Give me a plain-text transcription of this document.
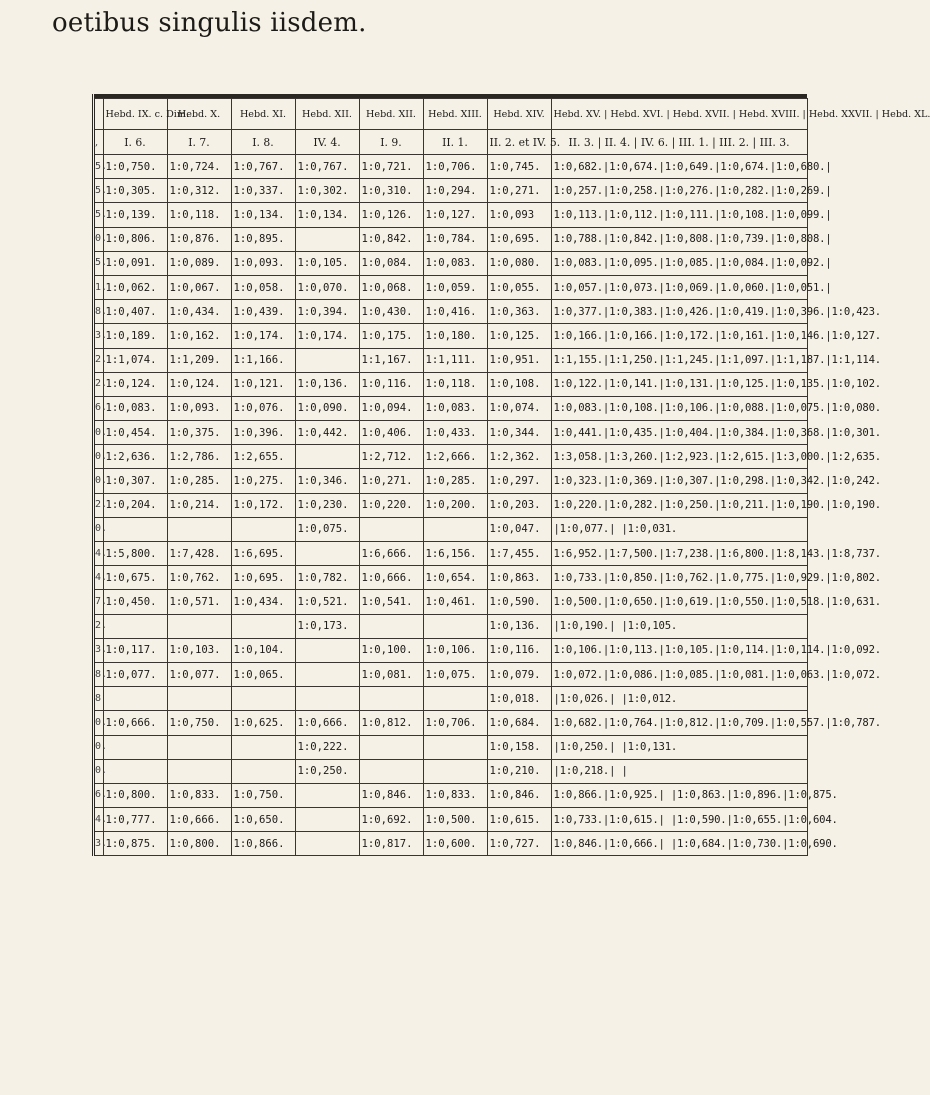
oetibus singulis iisdem.
	Hebd. IX. c. Dim.	Hebd. X.	Hebd. XI.	Hebd. XII.	Hebd. XII.	Hebd. XIII.	Hebd. XIV.	Hebd. XV. | Hebd. XVI. | Hebd. XVII. | Hebd. XVIII. | Hebd. XXVII. | Hebd. XL.
,	I. 6.	I. 7.	I. 8.	IV. 4.	I. 9.	II. 1.	II. 2. et IV. 5.	II. 3. | II. 4. | IV. 6. | III. 1. | III. 2. | III. 3.
5.	1:0,750.	1:0,724.	1:0,767.	1:0,767.	1:0,721.	1:0,706.	1:0,745.	1:0,682.|1:0,674.|1:0,649.|1:0,674.|1:0,680.|
5.	1:0,305.	1:0,312.	1:0,337.	1:0,302.	1:0,310.	1:0,294.	1:0,271.	1:0,257.|1:0,258.|1:0,276.|1:0,282.|1:0,269.|
5.	1:0,139.	1:0,118.	1:0,134.	1:0,134.	1:0,126.	1:0,127.	1:0,093	1:0,113.|1:0,112.|1:0,111.|1:0,108.|1:0,099.|
0.	1:0,806.	1:0,876.	1:0,895.		1:0,842.	1:0,784.	1:0,695.	1:0,788.|1:0,842.|1:0,808.|1:0,739.|1:0,808.|
5.	1:0,091.	1:0,089.	1:0,093.	1:0,105.	1:0,084.	1:0,083.	1:0,080.	1:0,083.|1:0,095.|1:0,085.|1:0,084.|1:0,092.|
1.	1:0,062.	1:0,067.	1:0,058.	1:0,070.	1:0,068.	1:0,059.	1:0,055.	1:0,057.|1:0,073.|1:0,069.|1.0,060.|1:0,051.|
8.	1:0,407.	1:0,434.	1:0,439.	1:0,394.	1:0,430.	1:0,416.	1:0,363.	1:0,377.|1:0,383.|1:0,426.|1:0,419.|1:0,396.|1:0,423.
3.	1:0,189.	1:0,162.	1:0,174.	1:0,174.	1:0,175.	1:0,180.	1:0,125.	1:0,166.|1:0,166.|1:0,172.|1:0,161.|1:0,146.|1:0,127.
2.	1:1,074.	1:1,209.	1:1,166.		1:1,167.	1:1,111.	1:0,951.	1:1,155.|1:1,250.|1:1,245.|1:1,097.|1:1,187.|1:1,114.
2.	1:0,124.	1:0,124.	1:0,121.	1:0,136.	1:0,116.	1:0,118.	1:0,108.	1:0,122.|1:0,141.|1:0,131.|1:0,125.|1:0,135.|1:0,102.
6.	1:0,083.	1:0,093.	1:0,076.	1:0,090.	1:0,094.	1:0,083.	1:0,074.	1:0,083.|1:0,108.|1:0,106.|1:0,088.|1:0,075.|1:0,080.
0.	1:0,454.	1:0,375.	1:0,396.	1:0,442.	1:0,406.	1:0,433.	1:0,344.	1:0,441.|1:0,435.|1:0,404.|1:0,384.|1:0,368.|1:0,301.
0.	1:2,636.	1:2,786.	1:2,655.		1:2,712.	1:2,666.	1:2,362.	1:3,058.|1:3,260.|1:2,923.|1:2,615.|1:3,000.|1:2,635.
0.	1:0,307.	1:0,285.	1:0,275.	1:0,346.	1:0,271.	1:0,285.	1:0,297.	1:0,323.|1:0,369.|1:0,307.|1:0,298.|1:0,342.|1:0,242.
2.	1:0,204.	1:0,214.	1:0,172.	1:0,230.	1:0,220.	1:0,200.	1:0,203.	1:0,220.|1:0,282.|1:0,250.|1:0,211.|1:0,190.|1:0,190.
0.				1:0,075.			1:0,047.	|1:0,077.| |1:0,031.
4.	1:5,800.	1:7,428.	1:6,695.		1:6,666.	1:6,156.	1:7,455.	1:6,952.|1:7,500.|1:7,238.|1:6,800.|1:8,143.|1:8,737.
4.	1:0,675.	1:0,762.	1:0,695.	1:0,782.	1:0,666.	1:0,654.	1:0,863.	1:0,733.|1:0,850.|1:0,762.|1.0,775.|1:0,929.|1:0,802.
7.	1:0,450.	1:0,571.	1:0,434.	1:0,521.	1:0,541.	1:0,461.	1:0,590.	1:0,500.|1:0,650.|1:0,619.|1:0,550.|1:0,518.|1:0,631.
2.				1:0,173.			1:0,136.	|1:0,190.| |1:0,105.
3.	1:0,117.	1:0,103.	1:0,104.		1:0,100.	1:0,106.	1:0,116.	1:0,106.|1:0,113.|1:0,105.|1:0,114.|1:0,114.|1:0,092.
8.	1:0,077.	1:0,077.	1:0,065.		1:0,081.	1:0,075.	1:0,079.	1:0,072.|1:0,086.|1:0,085.|1:0,081.|1:0,063.|1:0,072.
8							1:0,018.	|1:0,026.| |1:0,012.
0.	1:0,666.	1:0,750.	1:0,625.	1:0,666.	1:0,812.	1:0,706.	1:0,684.	1:0,682.|1:0,764.|1:0,812.|1:0,709.|1:0,557.|1:0,787.
0.				1:0,222.			1:0,158.	|1:0,250.| |1:0,131.
0.				1:0,250.			1:0,210.	|1:0,218.| |
6.	1:0,800.	1:0,833.	1:0,750.		1:0,846.	1:0,833.	1:0,846.	1:0,866.|1:0,925.| |1:0,863.|1:0,896.|1:0,875.
4.	1:0,777.	1:0,666.	1:0,650.		1:0,692.	1:0,500.	1:0,615.	1:0,733.|1:0,615.| |1:0,590.|1:0,655.|1:0,604.
3.	1:0,875.	1:0,800.	1:0,866.		1:0,817.	1:0,600.	1:0,727.	1:0,846.|1:0,666.| |1:0,684.|1:0,730.|1:0,690.
